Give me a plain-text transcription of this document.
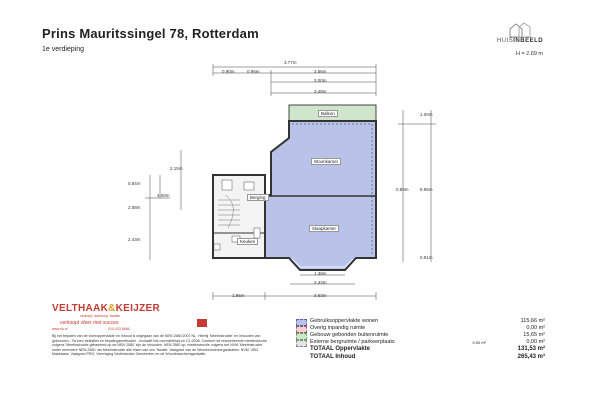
Prins Mauritssingel 78, Rotterdam
1e verdieping
HUISINBEELD
H = 2.69 m
3.77m
0.90m	0.95m	3.66m
3.00m
3.48m
2.15m
0.84m
4.00m
2.08m
2.43m
1.00m
8.95m
0.89m
0.91m
1.38m
2.43m
1.96m	3.63m
Balkon
Woonkamer
Slaapkamer
Keuken
Berging
VELTHAAK&KEIJZER
verkoop, aankoop, taxatie
verkoopt sfeer met succes
www.vk.nl	010-433 6666
Bij het bepalen van de vloeroppervlakte en inhoud is uitgegaan van de NEN 2580:2007 NL. Hierbij 'Meetinstructie' en inhouden van gebouwen - Termen definities en bepalingsmethoden - inclusief het correctieblad en C1:2008. Conform de branchebrede meetinstructie volgens 'Meetinstructie gebaseerd op de NEN 2580' zijn de inhouden. NEN 2580 op: meetinstructie volgens het NVM 'Meetinstructie' onder meerdere NEN-2580. als Meetinstructie alle eisen van ons Taxatie. Vastgoed van de Woonbrancheorganisaties: NVM, VBO Makelaars, Vastgoed PRO, Vereniging Nederlandse Gemeenten en de Woonbrancheorganisatie.
Gebruiksoppervlakte wonen	115,66 m²
Overig inpandig ruimte	0,00 m²
Gebouw gebonden buitenruimte	15,65 m²
Externe bergruimte / parkeerplaats	0,00 m²	0,00 m²
TOTAAL Oppervlakte	131,53 m²
TOTAAL Inhoud	265,43 m³
